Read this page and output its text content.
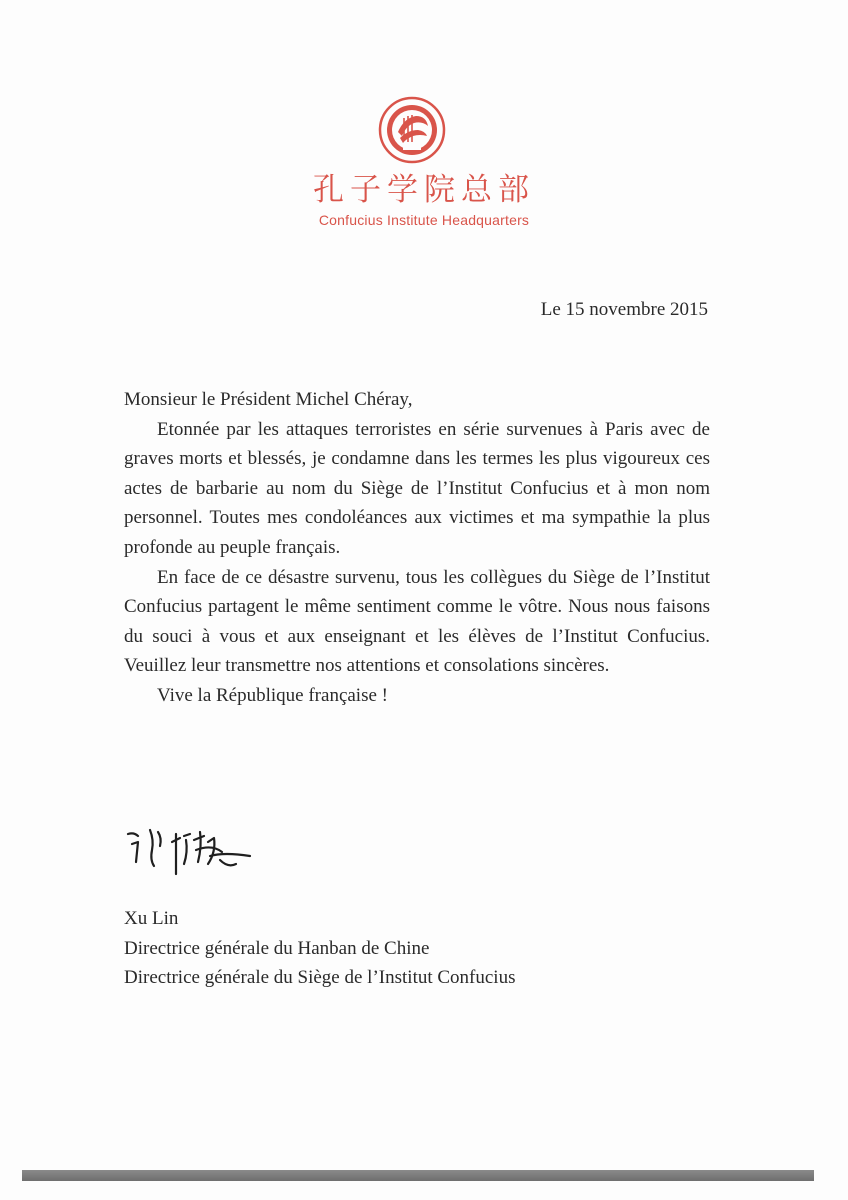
孔子学院总部
Confucius Institute Headquarters
Le 15 novembre 2015

Monsieur le Président Michel Chéray,

Etonnée par les attaques terroristes en série survenues à Paris avec de graves morts et blessés, je condamne dans les termes les plus vigoureux ces actes de barbarie au nom du Siège de l’Institut Confucius et à mon nom personnel. Toutes mes condoléances aux victimes et ma sympathie la plus profonde au peuple français.

En face de ce désastre survenu, tous les collègues du Siège de l’Institut Confucius partagent le même sentiment comme le vôtre. Nous nous faisons du souci à vous et aux enseignant et les élèves de l’Institut Confucius. Veuillez leur transmettre nos attentions et consolations sincères.

Vive la République française !

Xu Lin
Directrice générale du Hanban de Chine
Directrice générale du Siège de l’Institut Confucius
